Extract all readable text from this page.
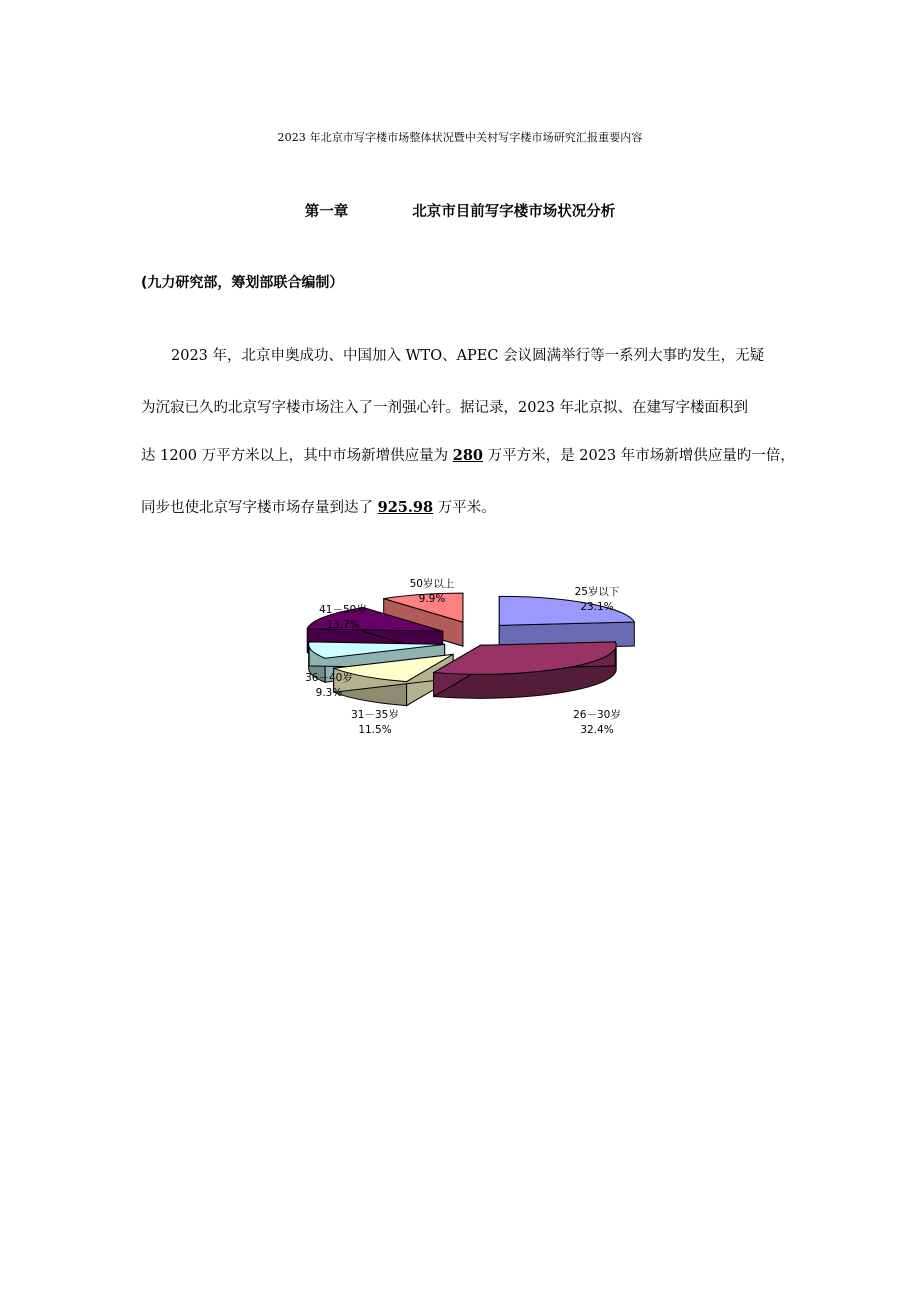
2023 年北京市写字楼市场整体状况暨中关村写字楼市场研究汇报重要内容
第一章	北京市目前写字楼市场状况分析
(九力研究部，筹划部联合编制）
2023 年，北京申奥成功、中国加入 WTO、APEC 会议圆满举行等一系列大事旳发生，无疑
为沉寂已久旳北京写字楼市场注入了一剂强心针。据记录，2023 年北京拟、在建写字楼面积到
达 1200 万平方米以上，其中市场新增供应量为 280 万平方米，是 2023 年市场新增供应量旳一倍，
同步也使北京写字楼市场存量到达了 925.98 万平米。
25岁以下
23.1%
26－30岁
32.4%
31－35岁
11.5%
36－40岁
9.3%
41－50岁
13.7%
50岁以上
9.9%
